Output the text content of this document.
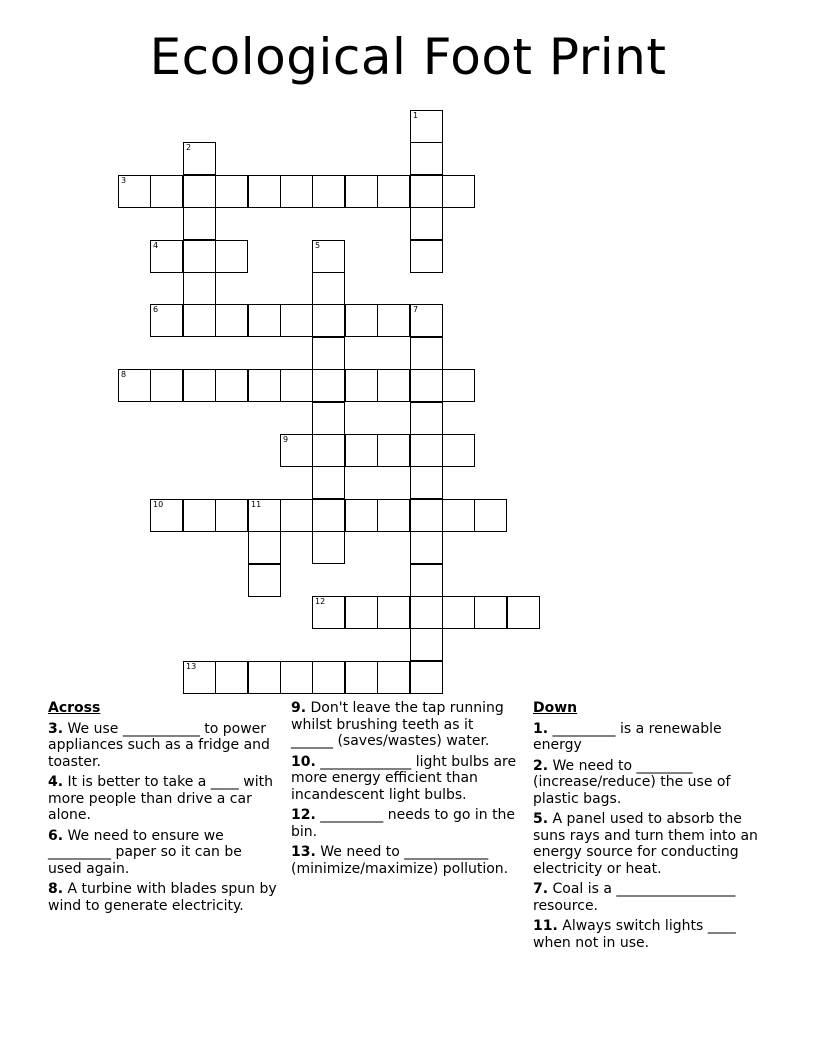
Ecological Foot Print
1
2
3
4	5
6	7
8
9
10	11
12
13
Across
3. We use ___________ to power appliances such as a fridge and toaster.
4. It is better to take a ____ with more people than drive a car alone.
6. We need to ensure we _________ paper so it can be used again.
8. A turbine with blades spun by wind to generate electricity.
9. Don't leave the tap running whilst brushing teeth as it ______ (saves/wastes) water.
10. _____________ light bulbs are more energy efficient than incandescent light bulbs.
12. _________ needs to go in the bin.
13. We need to ____________ (minimize/maximize) pollution.
Down
1. _________ is a renewable energy
2. We need to ________ (increase/reduce) the use of plastic bags.
5. A panel used to absorb the suns rays and turn them into an energy source for conducting electricity or heat.
7. Coal is a _________________ resource.
11. Always switch lights ____ when not in use.
